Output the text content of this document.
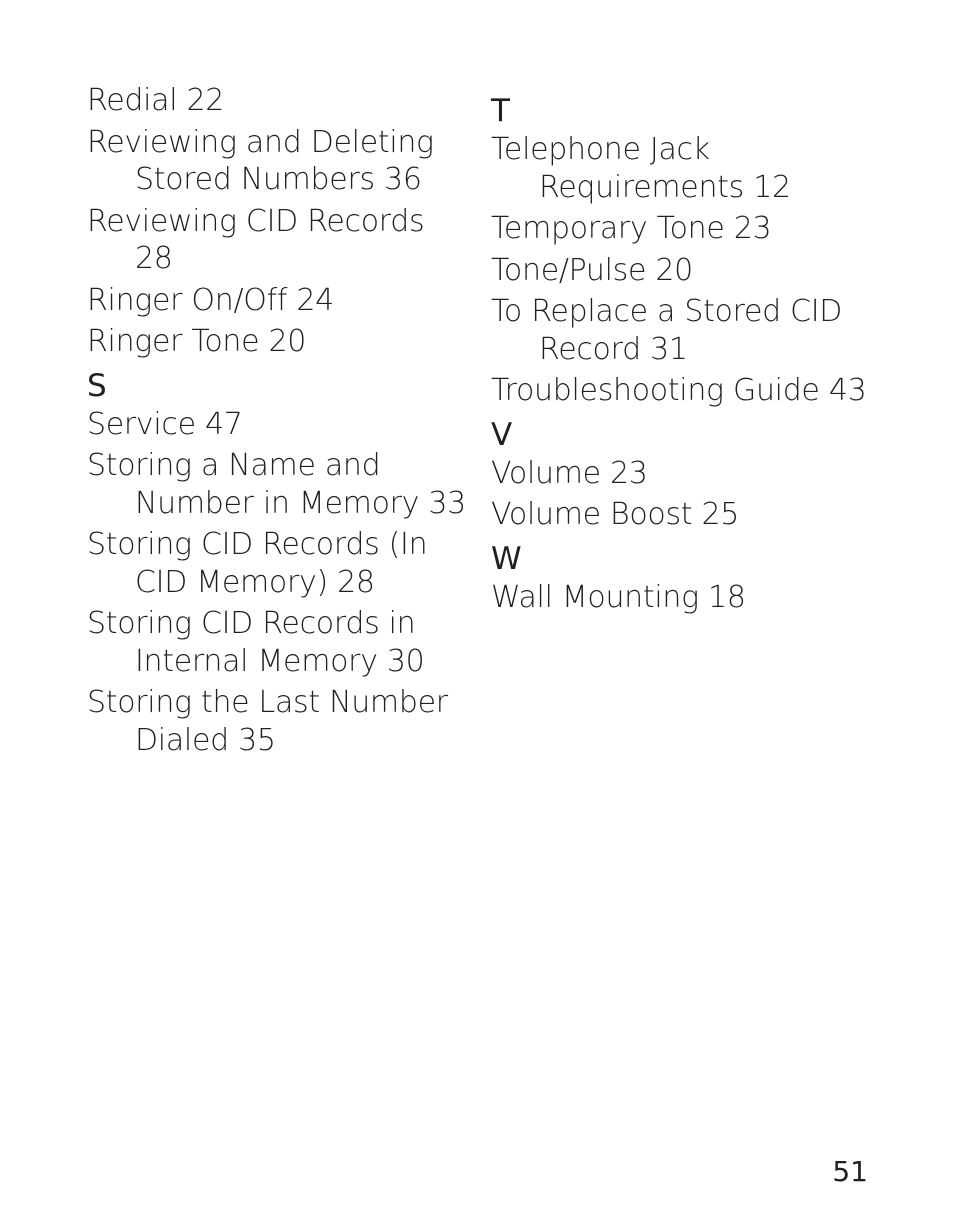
Redial 22
Reviewing and Deleting Stored Numbers 36
Reviewing CID Records 28
Ringer On/Off 24
Ringer Tone 20
S
Service 47
Storing a Name and Number in Memory 33
Storing CID Records (In CID Memory) 28
Storing CID Records in Internal Memory 30
Storing the Last Number Dialed 35
T
Telephone Jack Requirements 12
Temporary Tone 23
Tone/Pulse 20
To Replace a Stored CID Record 31
Troubleshooting Guide 43
V
Volume 23
Volume Boost 25
W
Wall Mounting 18
51
